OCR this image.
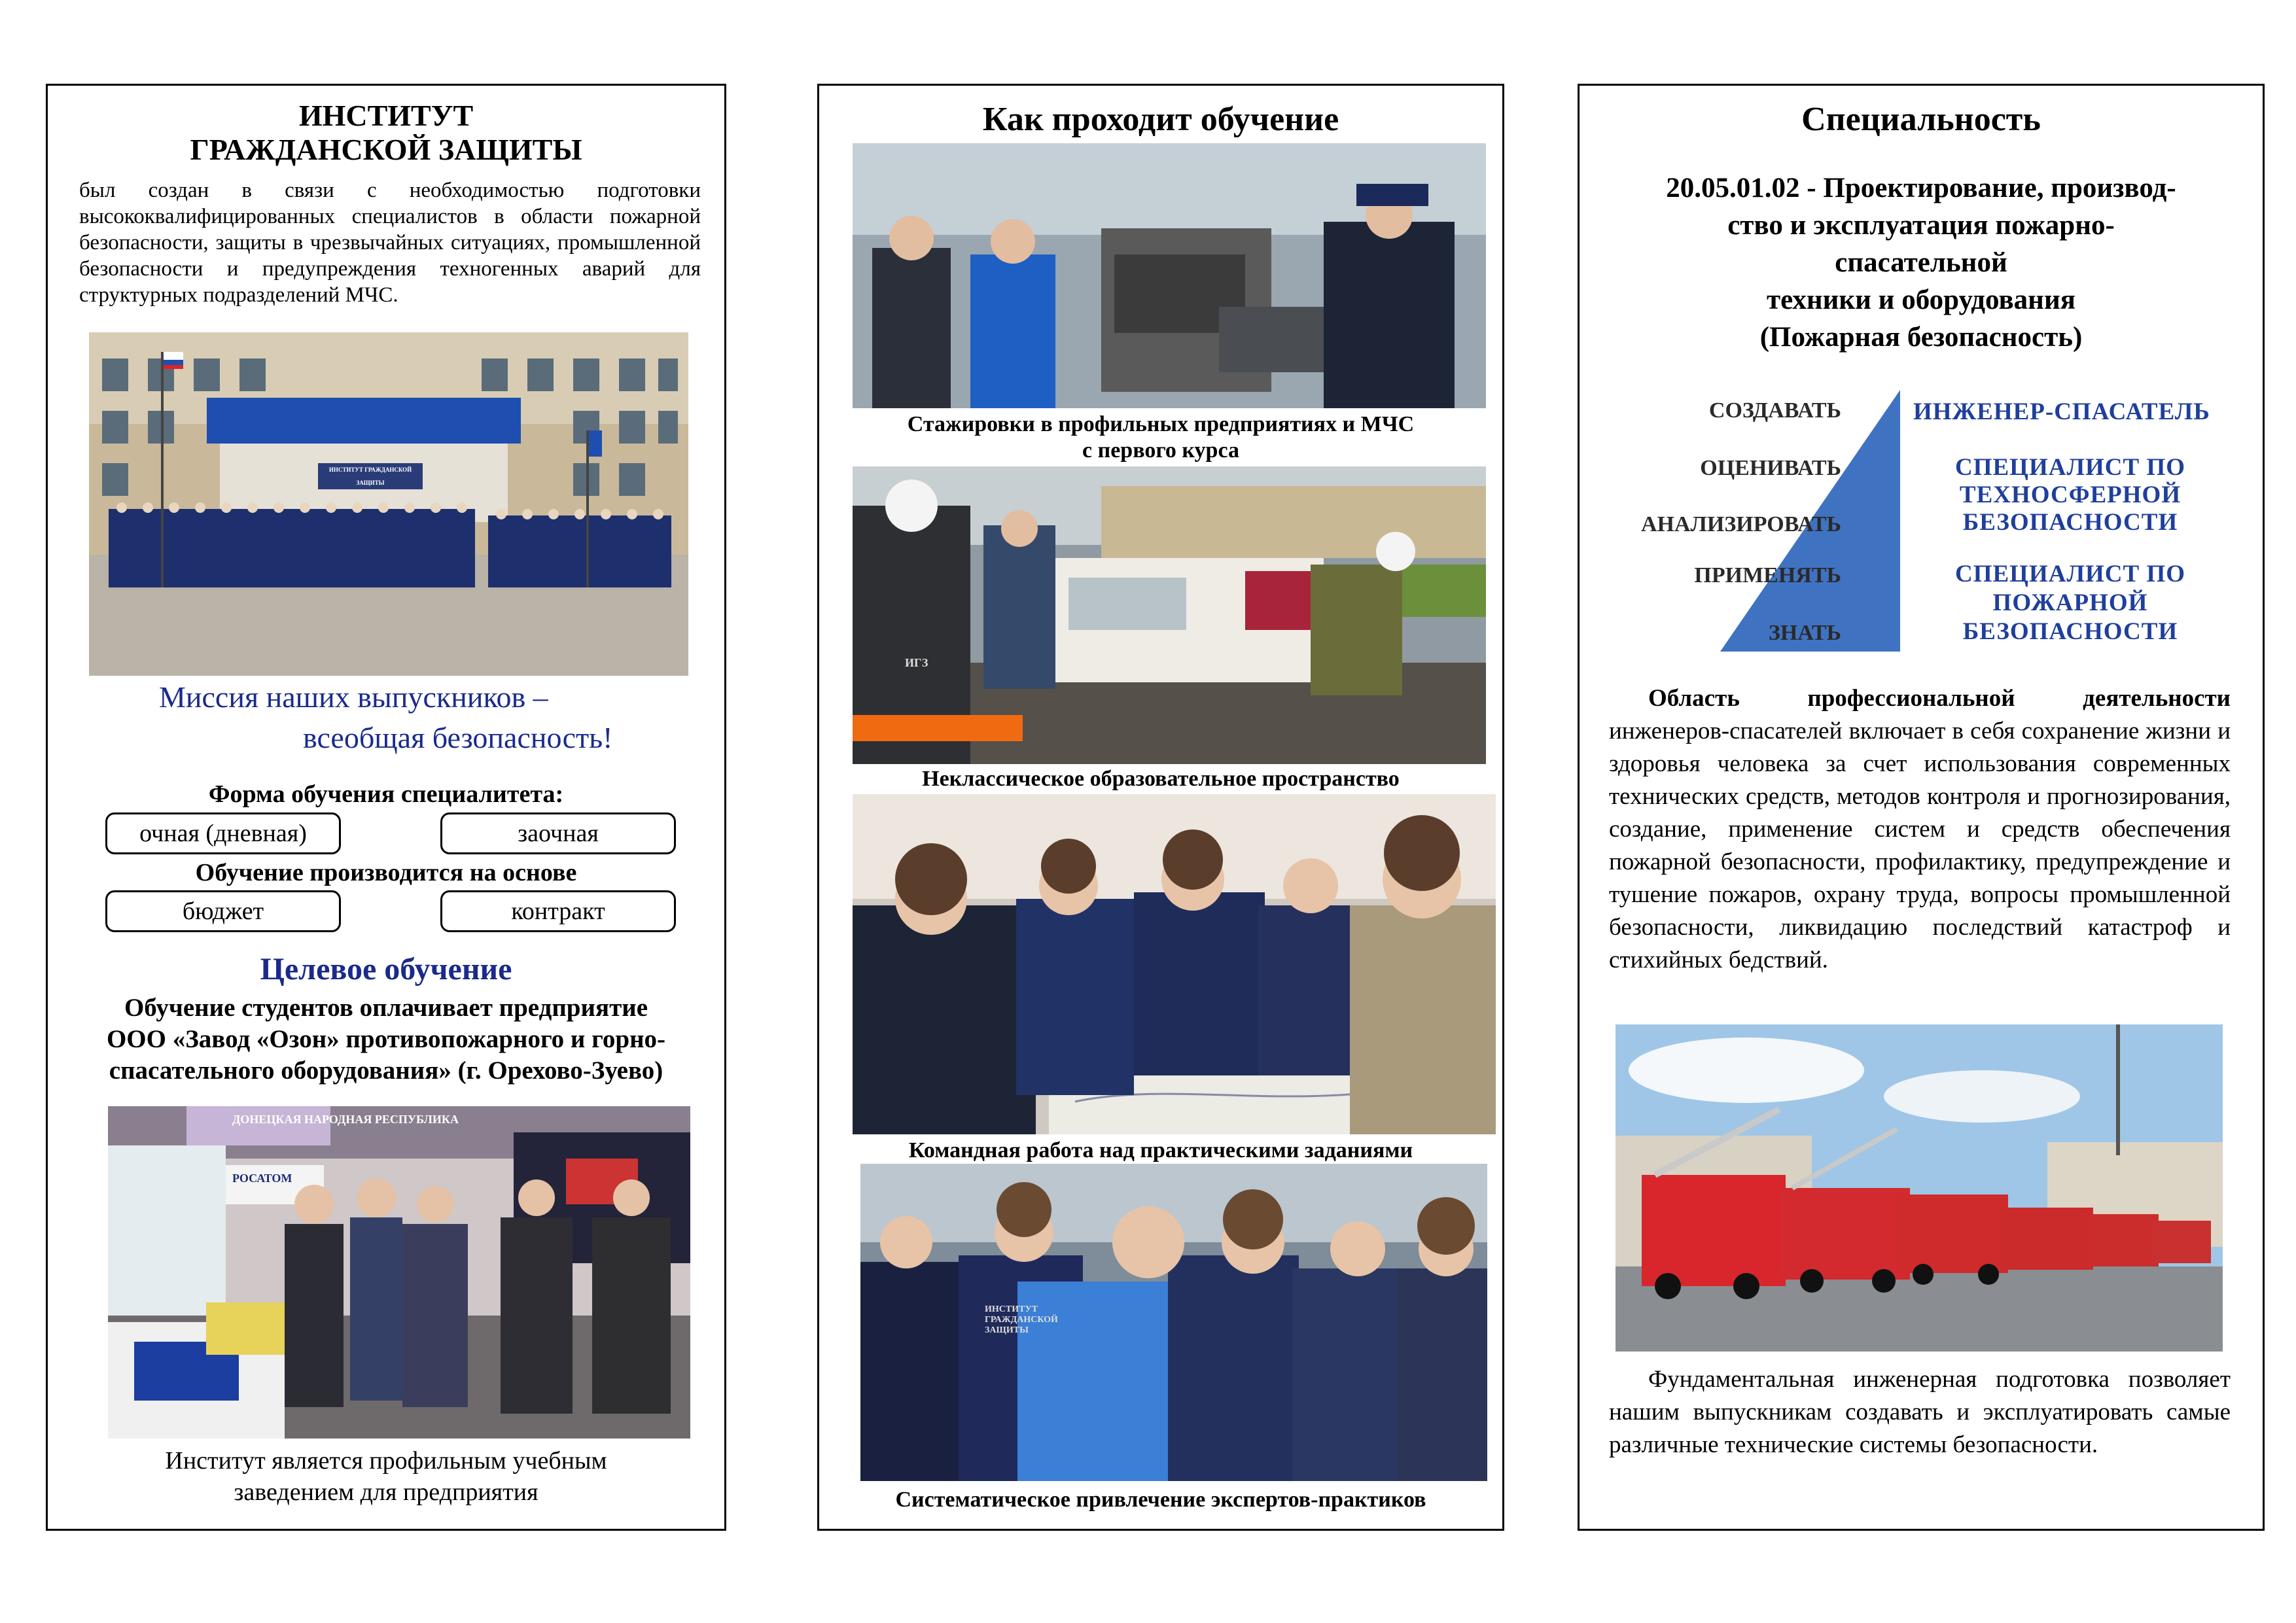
ИНСТИТУТ
ГРАЖДАНСКОЙ ЗАЩИТЫ
был создан в связи с необходимостью подготовки высококвалифицированных специалистов в области пожарной безопасности, защиты в чрезвычайных ситуациях, промышленной безопасности и предупреждения техногенных аварий для структурных подразделений МЧС.
ИНСТИТУТ ГРАЖДАНСКОЙ ЗАЩИТЫ
Миссия наших выпускников –
всеобщая безопасность!
Форма обучения специалитета:
очная (дневная)	заочная
Обучение производится на основе
бюджет	контракт
Целевое обучение
Обучение студентов оплачивает предприятие
ООО «Завод «Озон» противопожарного и горно-
спасательного оборудования» (г. Орехово-Зуево)
ДОНЕЦКАЯ НАРОДНАЯ РЕСПУБЛИКА
РОСАТОМ
Институт является профильным учебным
заведением для предприятия
Как проходит обучение
Стажировки в профильных предприятиях и МЧС
с первого курса
ИГЗ
Неклассическое образовательное пространство
Командная работа над практическими заданиями
ИНСТИТУТ ГРАЖДАНСКОЙ ЗАЩИТЫ
Систематическое привлечение экспертов-практиков
Специальность
20.05.01.02 - Проектирование, производ-
ство и эксплуатация пожарно-
спасательной
техники и оборудования
(Пожарная безопасность)
СОЗДАВАТЬ
ОЦЕНИВАТЬ
АНАЛИЗИРОВАТЬ
ПРИМЕНЯТЬ
ЗНАТЬ
ИНЖЕНЕР-СПАСАТЕЛЬ
СПЕЦИАЛИСТ ПО
ТЕХНОСФЕРНОЙ
БЕЗОПАСНОСТИ
СПЕЦИАЛИСТ ПО
ПОЖАРНОЙ
БЕЗОПАСНОСТИ
Область профессиональной деятельности инженеров-спасателей включает в себя сохранение жизни и здоровья человека за счет использования современных технических средств, методов контроля и прогнозирования, создание, применение систем и средств обеспечения пожарной безопасности, профилактику, предупреждение и тушение пожаров, охрану труда, вопросы промышленной безопасности, ликвидацию последствий катастроф и стихийных бедствий.
Фундаментальная инженерная подготовка позволяет нашим выпускникам создавать и эксплуатировать самые различные технические системы безопасности.
